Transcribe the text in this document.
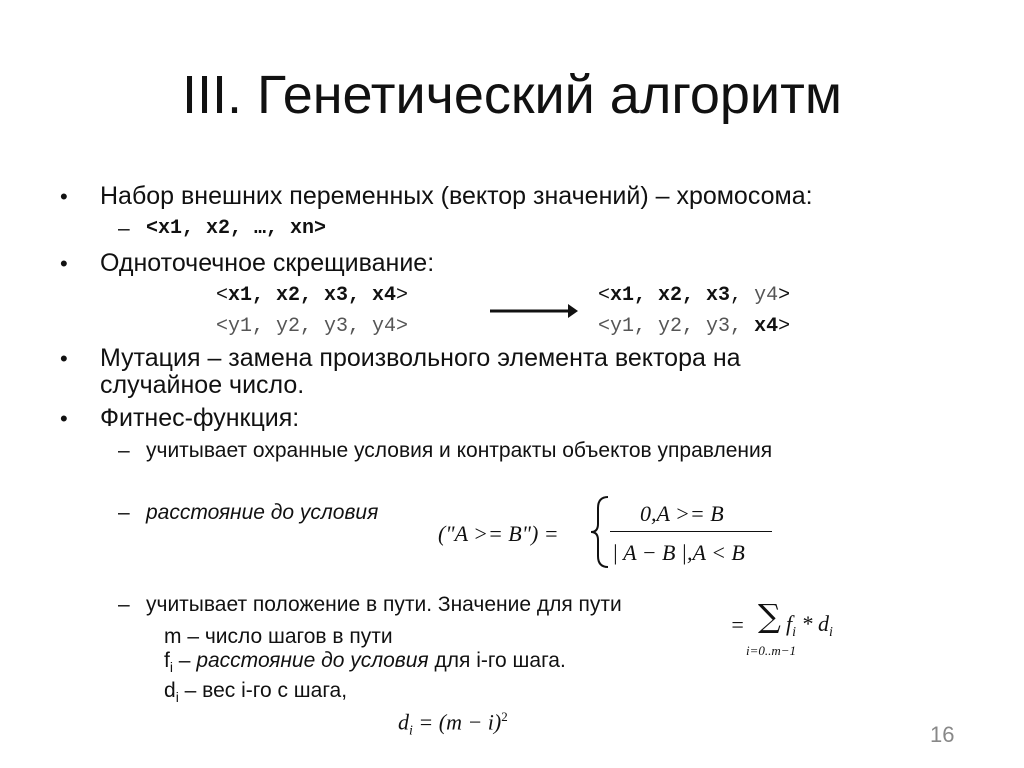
III. Генетический алгоритм
• Набор внешних переменных (вектор значений) – хромосома:
– <x1, x2, …, xn>
• Одноточечное скрещивание:
<x1, x2, x3, x4>
<y1, y2, y3, y4>
<x1, x2, x3, y4>
<y1, y2, y3, x4>
• Мутация – замена произвольного элемента вектора на
случайное число.
• Фитнес-функция:
– учитывает охранные условия и контракты объектов управления
– расстояние до условия
("A >= B") =
0,A >= B
| A − B |,A < B
– учитывает положение в пути. Значение для пути
= ∑
i=0..m−1
$f_i * d_i$
m – число шагов в пути
$f_i$ – расстояние до условия для i-го шага.
$d_i$ – вес i-го с шага,
$d_i = (m - i)^2$
16
